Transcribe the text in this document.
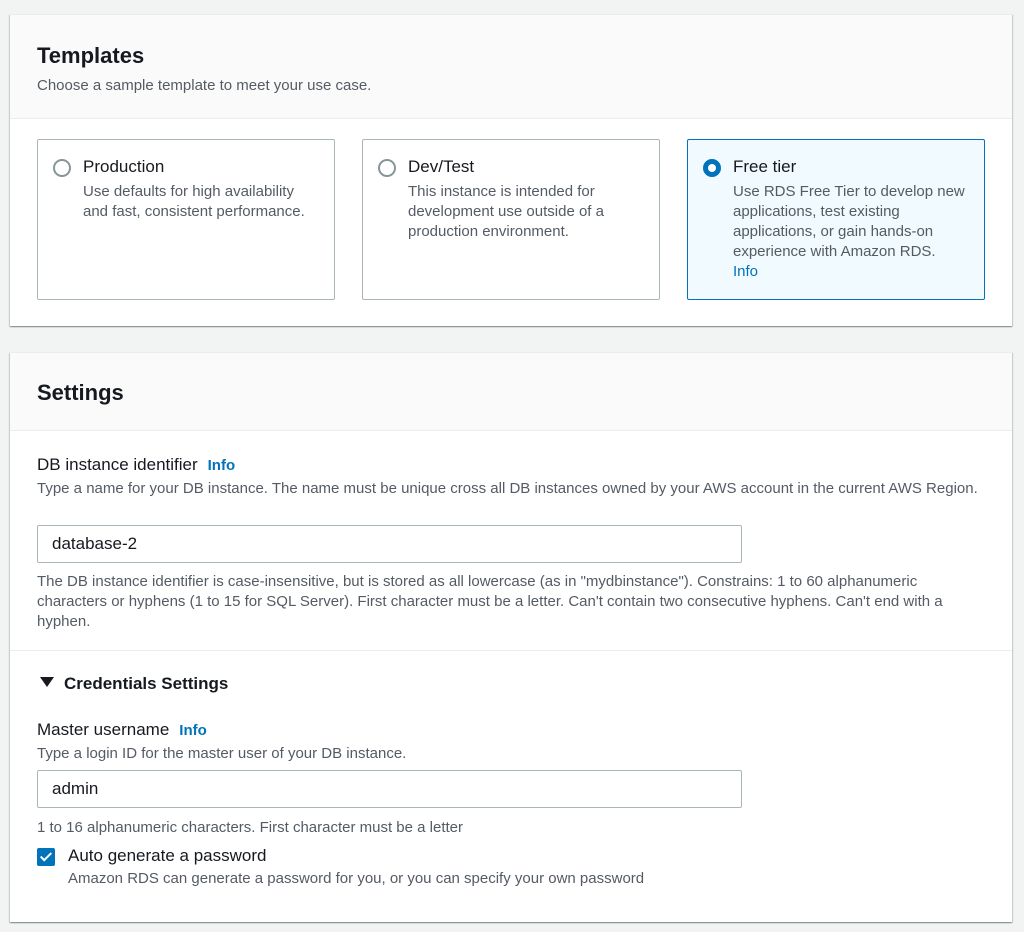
Templates
Choose a sample template to meet your use case.
Production
Use defaults for high availability and fast, consistent performance.
Dev/Test
This instance is intended for development use outside of a production environment.
Free tier
Use RDS Free Tier to develop new applications, test existing applications, or gain hands-on experience with Amazon RDS.
Info
Settings
DB instance identifier Info
Type a name for your DB instance. The name must be unique cross all DB instances owned by your AWS account in the current AWS Region.
database-2
The DB instance identifier is case-insensitive, but is stored as all lowercase (as in "mydbinstance"). Constrains: 1 to 60 alphanumeric characters or hyphens (1 to 15 for SQL Server). First character must be a letter. Can't contain two consecutive hyphens. Can't end with a hyphen.
Credentials Settings
Master username Info
Type a login ID for the master user of your DB instance.
admin
1 to 16 alphanumeric characters. First character must be a letter
Auto generate a password
Amazon RDS can generate a password for you, or you can specify your own password
